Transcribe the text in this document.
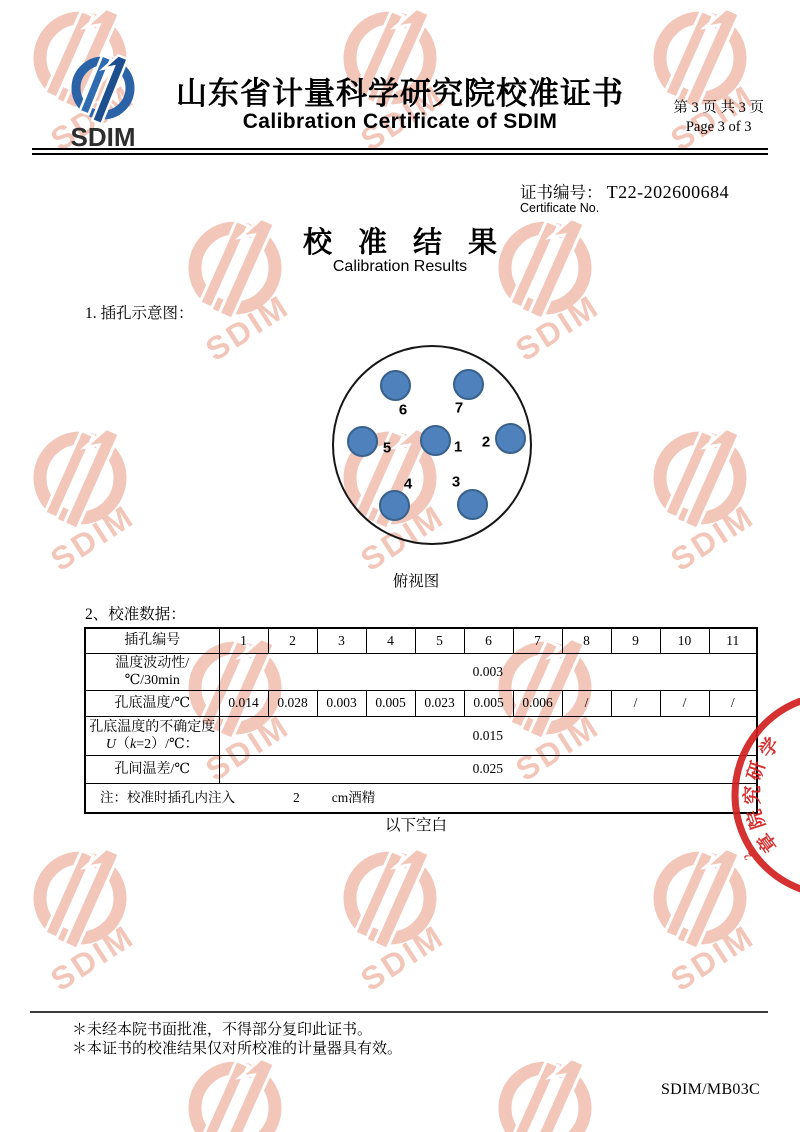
SDIM
山东省计量科学研究院校准证书
Calibration Certificate of SDIM
第 3 页 共 3 页
Page 3 of 3
证书编号： T22-202600684
Certificate No.
校准结果
Calibration Results
1. 插孔示意图：
1 2
3
4
5
6	7
俯视图
2、校准数据：
插孔编号	1	2	3	4	5	6	7	8	9	10	11

温度波动性/
℃/30min	0.003										
孔底温度/℃	0.014	0.028	0.003	0.005	0.023	0.005	0.006	/	/	/	/

孔底温度的不确定度
U（k=2）/℃：	0.015										
孔间温差/℃	0.025										
注：校准时插孔内注入 2 cm酒精											
以下空白
＊未经本院书面批准，不得部分复印此证书。
＊本证书的校准结果仅对所校准的计量器具有效。
SDIM/MB03C
学
研
究
院
章
2
